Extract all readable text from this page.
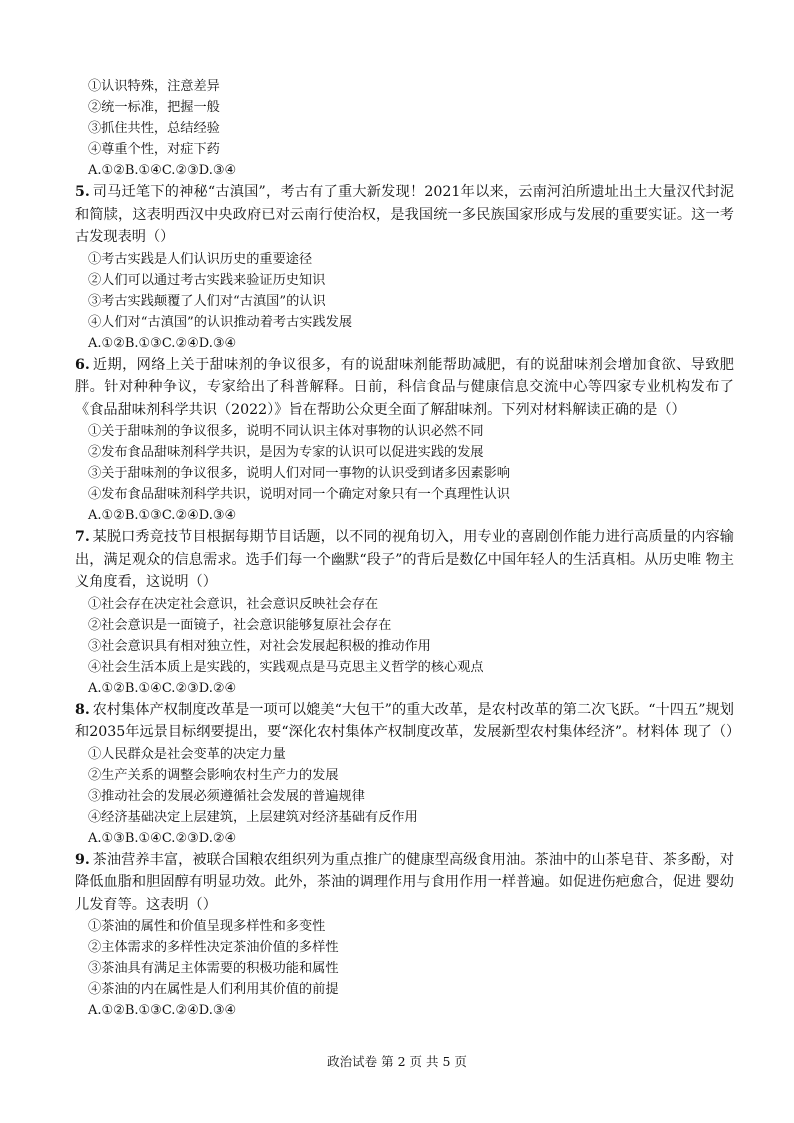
①认识特殊，注意差异
②统一标准，把握一般
③抓住共性，总结经验
④尊重个性，对症下药
A.①②B.①④C.②③D.③④
5. 司马迁笔下的神秘“古滇国”，考古有了重大新发现！2021年以来，云南河泊所遗址出土大量汉代封泥和简牍，这表明西汉中央政府已对云南行使治权，是我国统一多民族国家形成与发展的重要实证。这一考古发现表明（）
①考古实践是人们认识历史的重要途径
②人们可以通过考古实践来验证历史知识
③考古实践颠覆了人们对“古滇国”的认识
④人们对“古滇国”的认识推动着考古实践发展
A.①②B.①③C.②④D.③④
6. 近期，网络上关于甜味剂的争议很多，有的说甜味剂能帮助减肥，有的说甜味剂会增加食欲、导致肥胖。针对种种争议，专家给出了科普解释。日前，科信食品与健康信息交流中心等四家专业机构发布了《食品甜味剂科学共识（2022）》旨在帮助公众更全面了解甜味剂。下列对材料解读正确的是（）
①关于甜味剂的争议很多，说明不同认识主体对事物的认识必然不同
②发布食品甜味剂科学共识，是因为专家的认识可以促进实践的发展
③关于甜味剂的争议很多，说明人们对同一事物的认识受到诸多因素影响
④发布食品甜味剂科学共识，说明对同一个确定对象只有一个真理性认识
A.①②B.①③C.②④D.③④
7. 某脱口秀竞技节目根据每期节目话题，以不同的视角切入，用专业的喜剧创作能力进行高质量的内容输出，满足观众的信息需求。选手们每一个幽默“段子”的背后是数亿中国年轻人的生活真相。从历史唯 物主义角度看，这说明（）
①社会存在决定社会意识，社会意识反映社会存在
②社会意识是一面镜子，社会意识能够复原社会存在
③社会意识具有相对独立性，对社会发展起积极的推动作用
④社会生活本质上是实践的，实践观点是马克思主义哲学的核心观点
A.①②B.①④C.②③D.②④
8. 农村集体产权制度改革是一项可以媲美“大包干”的重大改革，是农村改革的第二次飞跃。“十四五”规划和2035年远景目标纲要提出，要“深化农村集体产权制度改革，发展新型农村集体经济”。材料体 现了（）
①人民群众是社会变革的决定力量
②生产关系的调整会影响农村生产力的发展
③推动社会的发展必须遵循社会发展的普遍规律
④经济基础决定上层建筑，上层建筑对经济基础有反作用
A.①③B.①④C.②③D.②④
9. 茶油营养丰富，被联合国粮农组织列为重点推广的健康型高级食用油。茶油中的山茶皂苷、茶多酚，对降低血脂和胆固醇有明显功效。此外，茶油的调理作用与食用作用一样普遍。如促进伤疤愈合，促进 婴幼儿发育等。这表明（）
①茶油的属性和价值呈现多样性和多变性
②主体需求的多样性决定茶油价值的多样性
③茶油具有满足主体需要的积极功能和属性
④茶油的内在属性是人们利用其价值的前提
A.①②B.①③C.②④D.③④
政治试卷 第 2 页 共 5 页
